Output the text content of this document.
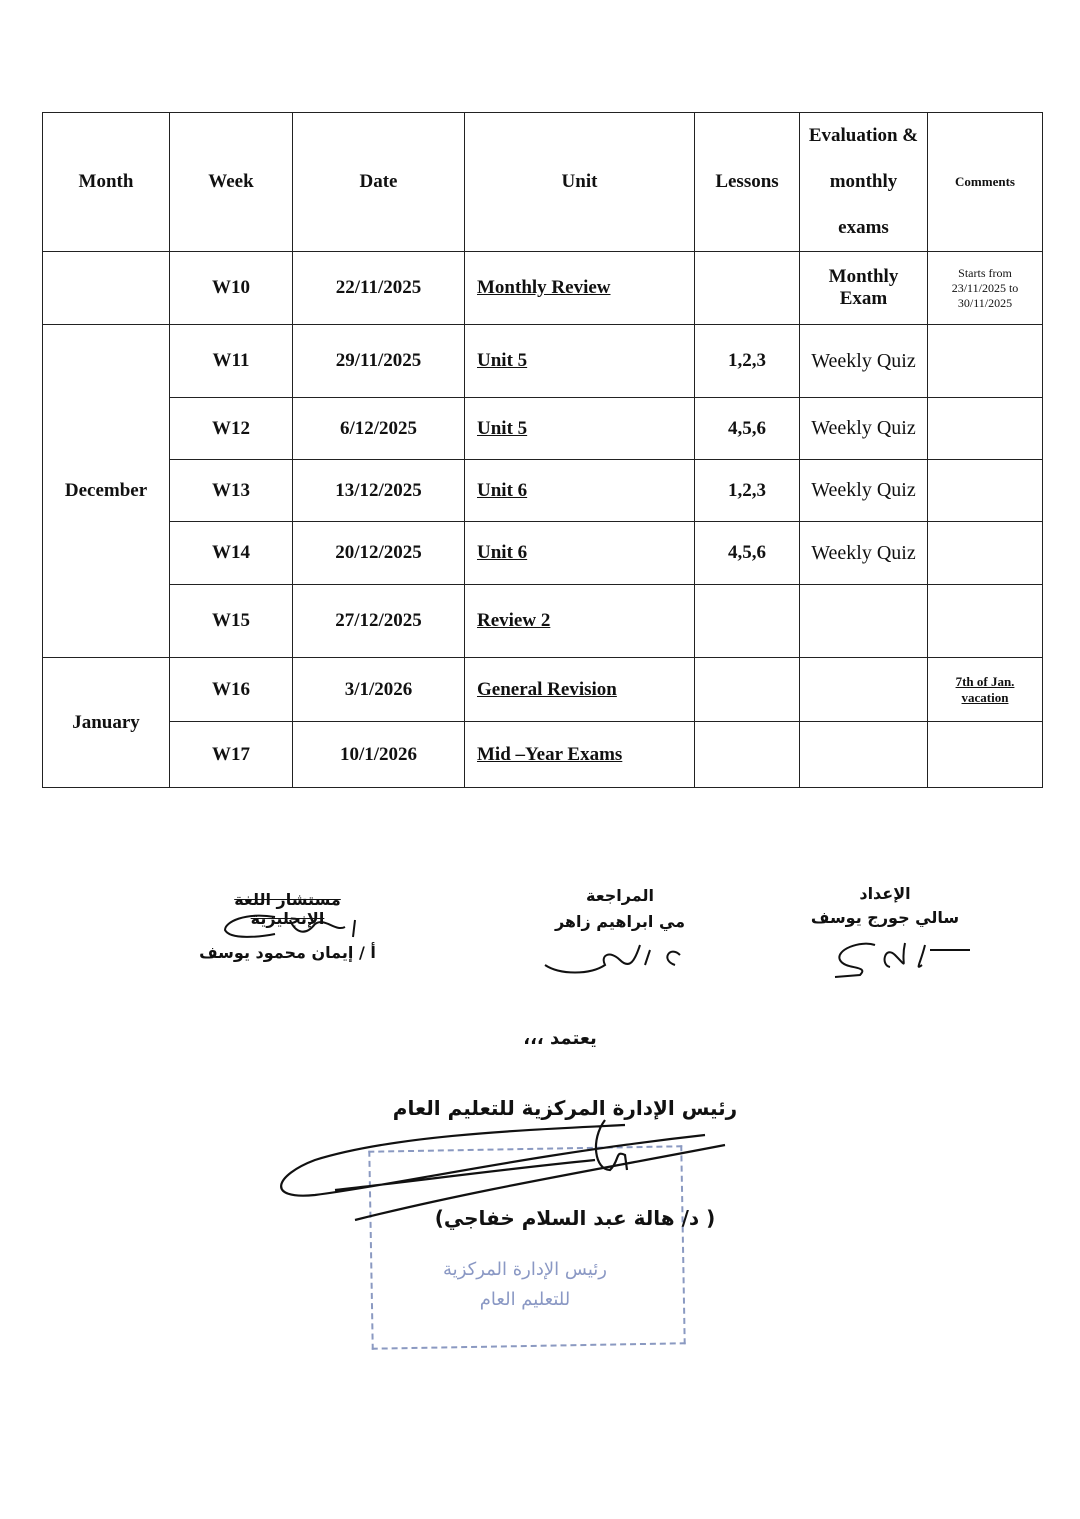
Month	Week	Date	Unit	Lessons	Evaluation & monthly exams	Comments
	W10	22/11/2025	Monthly Review		Monthly Exam	Starts from 23/11/2025 to 30/11/2025
December	W11	29/11/2025	Unit 5	1,2,3	Weekly Quiz	
	W12	6/12/2025	Unit 5	4,5,6	Weekly Quiz	
	W13	13/12/2025	Unit 6	1,2,3	Weekly Quiz	
	W14	20/12/2025	Unit 6	4,5,6	Weekly Quiz	
	W15	27/12/2025	Review 2			
January	W16	3/1/2026	General Revision			7th of Jan. vacation
	W17	10/1/2026	Mid –Year Exams			
الإعداد
سالي جورج يوسف
المراجعة
مي ابراهيم زاهر
مستشار اللغة الإنجليزية
أ / إيمان محمود يوسف
يعتمد ،،،
رئيس الإدارة المركزية للتعليم العام
( د/ هالة عبد السلام خفاجي)
رئيس الإدارة المركزية
للتعليم العام
